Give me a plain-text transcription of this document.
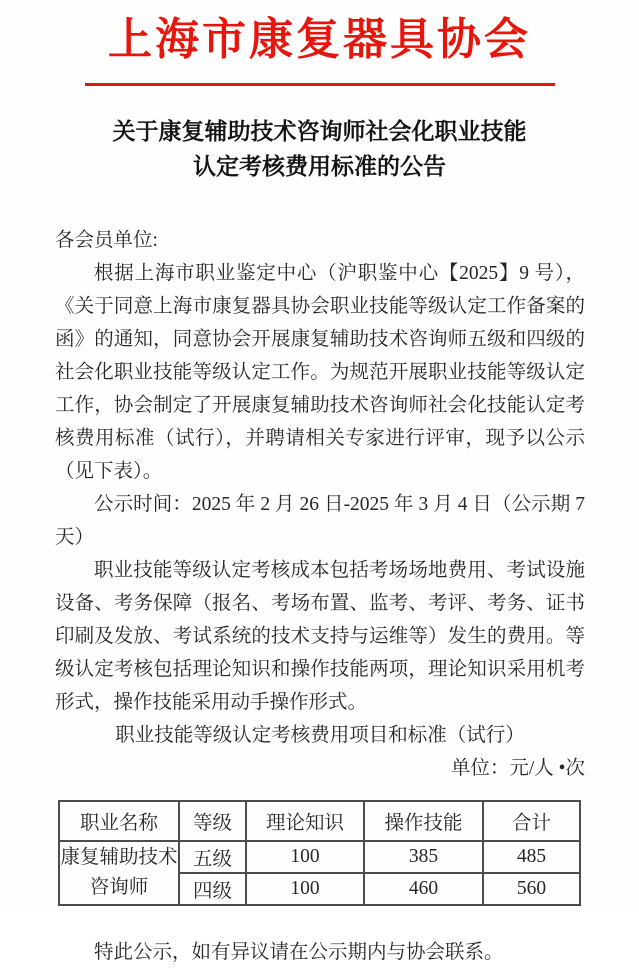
上海市康复器具协会
关于康复辅助技术咨询师社会化职业技能
认定考核费用标准的公告

各会员单位:

根据上海市职业鉴定中心（沪职鉴中心【2025】9 号），《关于同意上海市康复器具协会职业技能等级认定工作备案的函》的通知，同意协会开展康复辅助技术咨询师五级和四级的社会化职业技能等级认定工作。为规范开展职业技能等级认定工作，协会制定了开展康复辅助技术咨询师社会化技能认定考核费用标准（试行），并聘请相关专家进行评审，现予以公示（见下表）。

公示时间：2025 年 2 月 26 日-2025 年 3 月 4 日（公示期 7 天）

职业技能等级认定考核成本包括考场场地费用、考试设施设备、考务保障（报名、考场布置、监考、考评、考务、证书印刷及发放、考试系统的技术支持与运维等）发生的费用。等级认定考核包括理论知识和操作技能两项，理论知识采用机考形式，操作技能采用动手操作形式。

职业技能等级认定考核费用项目和标准（试行）

单位：元/人 •次

职业名称	等级	理论知识	操作技能	合计
康复辅助技术咨询师	五级	100	385	485
	四级	100	460	560

特此公示，如有异议请在公示期内与协会联系。
